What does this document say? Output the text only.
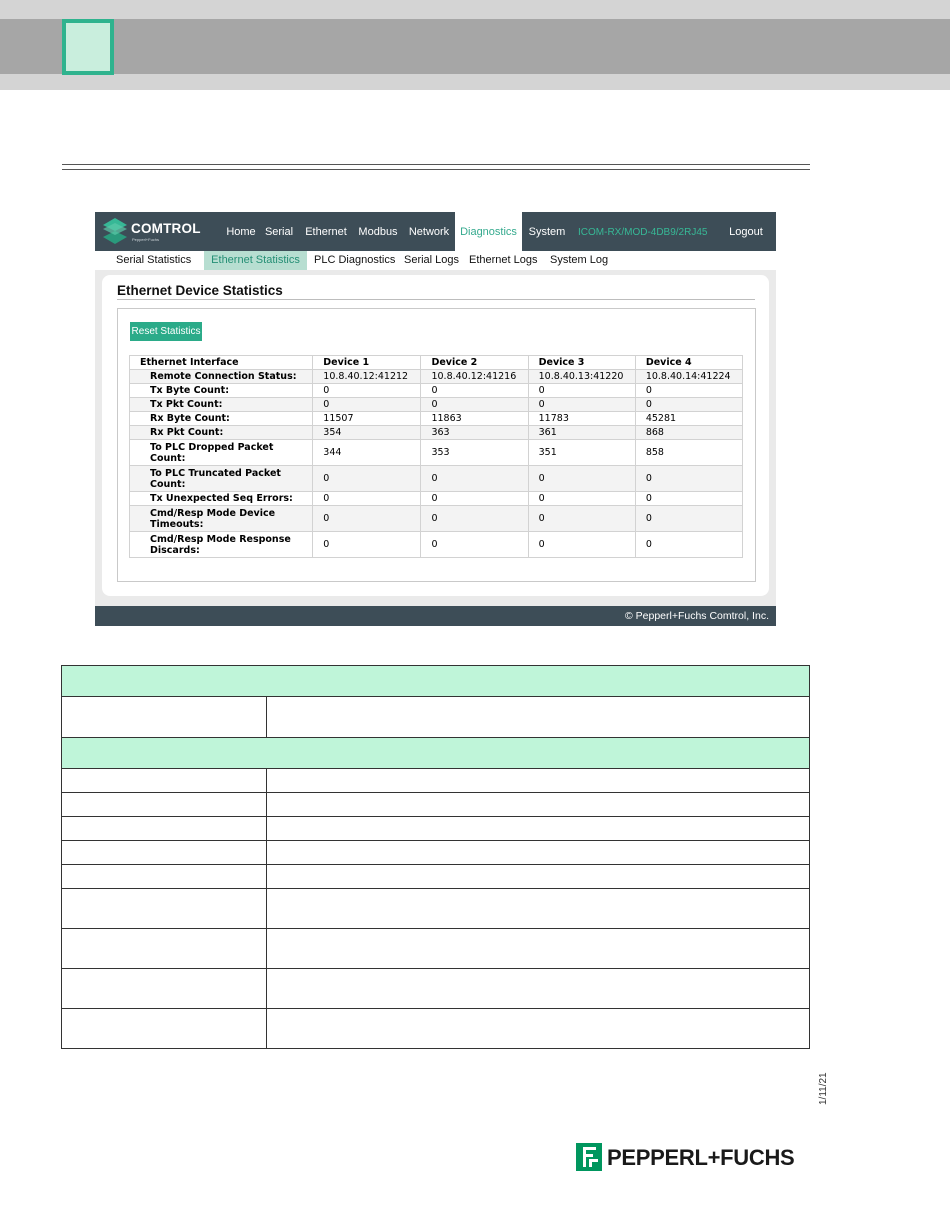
COMTROL
Pepperl+Fuchs
Home Serial	Ethernet	Modbus	Network Diagnostics	System	ICOM-RX/MOD-4DB9/2RJ45	Logout
Serial Statistics	Ethernet Statistics	PLC Diagnostics Serial Logs Ethernet Logs	System Log
Ethernet Device Statistics
Reset Statistics
Ethernet Interface	Device 1	Device 2	Device 3	Device 4
Remote Connection Status:	10.8.40.12:41212	10.8.40.12:41216	10.8.40.13:41220	10.8.40.14:41224
Tx Byte Count:	0	0	0	0
Tx Pkt Count:	0	0	0	0
Rx Byte Count:	11507	11863	11783	45281
Rx Pkt Count:	354	363	361	868
To PLC Dropped Packet Count:	344	353	351	858
To PLC Truncated Packet Count:	0	0	0	0
Tx Unexpected Seq Errors:	0	0	0	0
Cmd/Resp Mode Device Timeouts:	0	0	0	0
Cmd/Resp Mode Response Discards:	0	0	0	0
© Pepperl+Fuchs Comtrol, Inc.

1/11/21
PEPPERL+FUCHS
